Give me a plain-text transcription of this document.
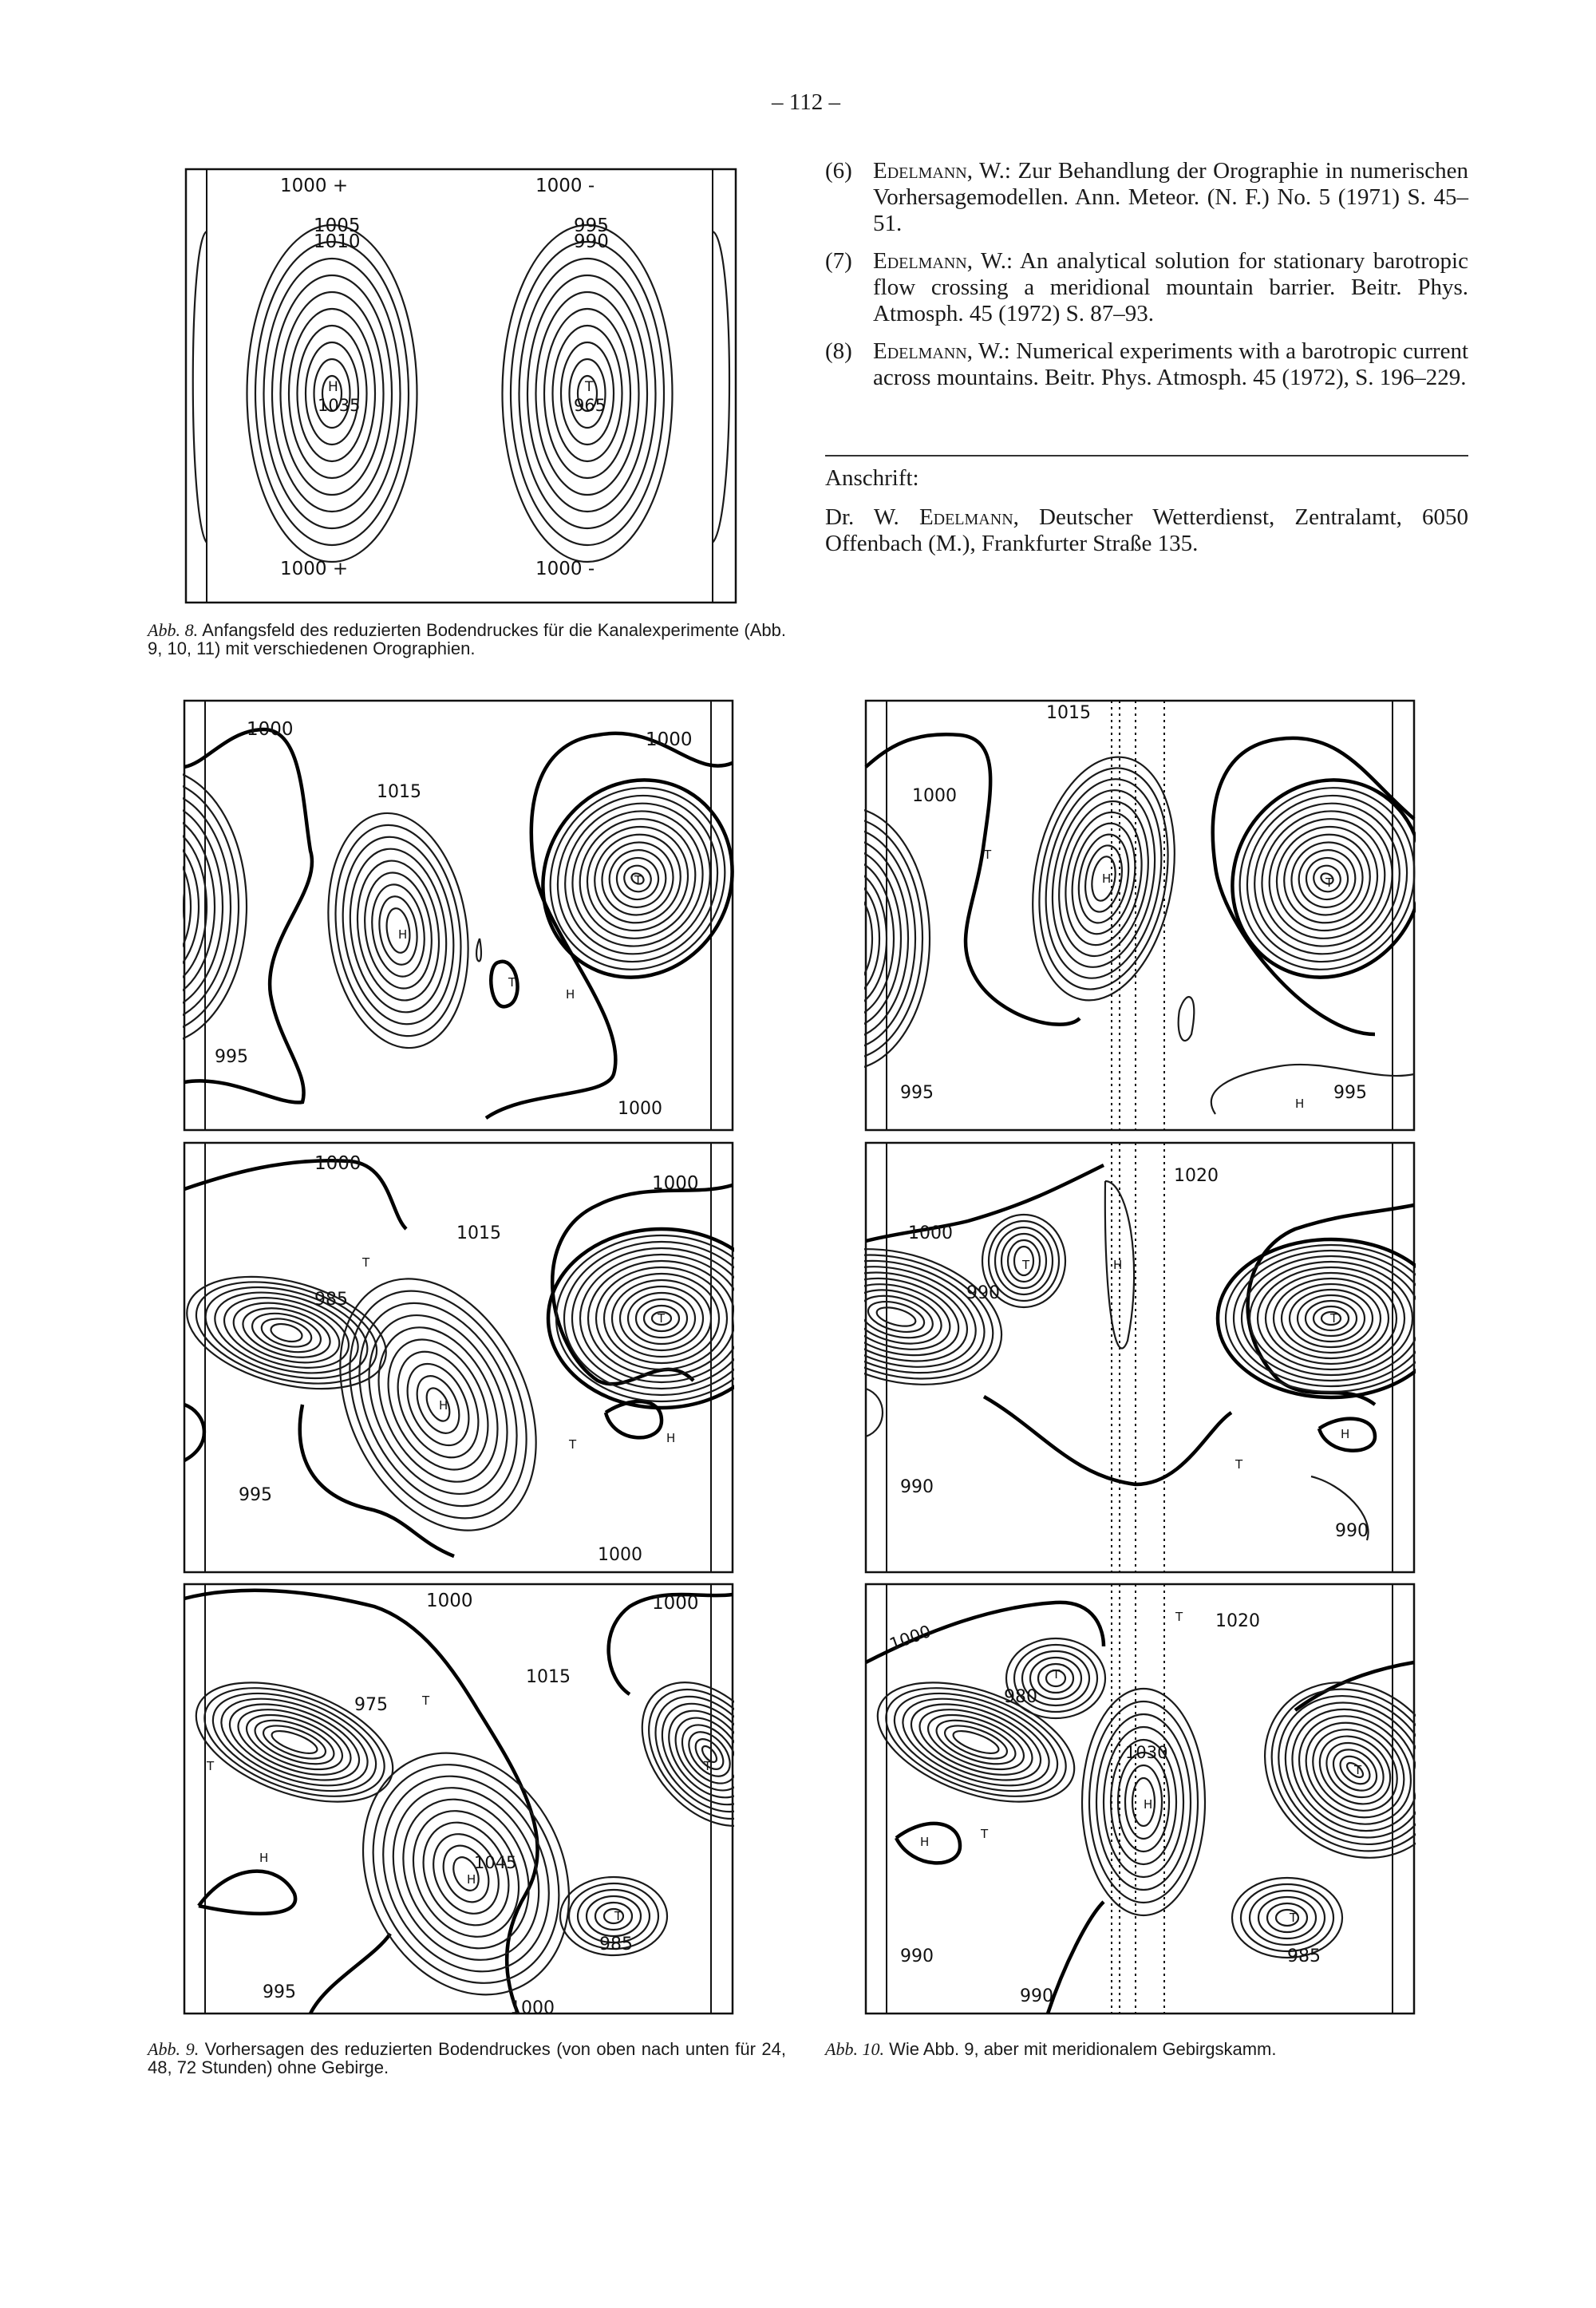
– 112 –
1000 +	1000 -
1000 +	1000 -
1005
1010
995
990
H
1035
T
965
(6) Edelmann, W.: Zur Behandlung der Orographie in numerischen Vorhersagemodellen. Ann. Meteor. (N. F.) No. 5 (1971) S. 45–51.
(7) Edelmann, W.: An analytical solution for stationary barotropic flow crossing a meridional mountain barrier. Beitr. Phys. Atmosph. 45 (1972) S. 87–93.
(8) Edelmann, W.: Numerical experiments with a barotropic current across mountains. Beitr. Phys. Atmosph. 45 (1972), S. 196–229.
Anschrift:
Dr. W. Edelmann, Deutscher Wetterdienst, Zentralamt, 6050 Offenbach (M.), Frankfurter Straße 135.
Abb. 8. Anfangsfeld des reduzierten Bodendruckes für die Kanalexperimente (Abb. 9, 10, 11) mit verschiedenen Orographien.
1000	1000
1015
995
1000
H
H
T
T
1000
1000
1015
985
995
1000
H
H
T
T
T
1000	1000
1015
975
1045
985
995
1000
H
H
T
T	T
T
1015
1000
995	995
H
H
T
T
1020
1000
990
990
990
H
H
T
T
T
1000
1020
980
1030
990	985
990
H
H
T
T
T
T
T
Abb. 9. Vorhersagen des reduzierten Bodendruckes (von oben nach unten für 24, 48, 72 Stunden) ohne Gebirge.
Abb. 10. Wie Abb. 9, aber mit meridionalem Gebirgskamm.
